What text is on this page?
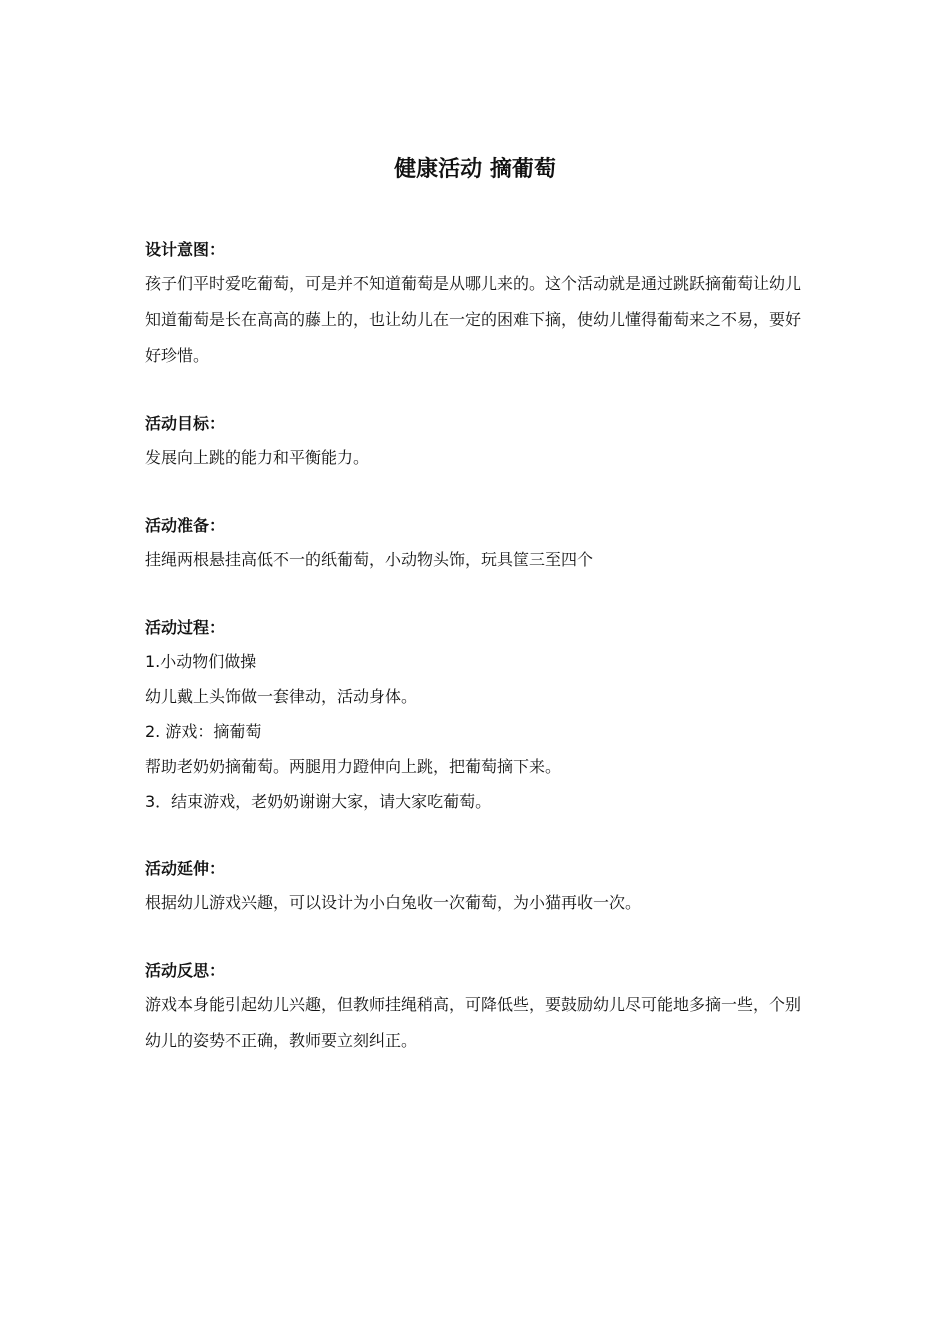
健康活动 摘葡萄

设计意图：

孩子们平时爱吃葡萄，可是并不知道葡萄是从哪儿来的。这个活动就是通过跳跃摘葡萄让幼儿知道葡萄是长在高高的藤上的，也让幼儿在一定的困难下摘，使幼儿懂得葡萄来之不易，要好好珍惜。

活动目标：

发展向上跳的能力和平衡能力。

活动准备：

挂绳两根悬挂高低不一的纸葡萄，小动物头饰，玩具筐三至四个

活动过程：

1.小动物们做操

幼儿戴上头饰做一套律动，活动身体。

2. 游戏：摘葡萄

帮助老奶奶摘葡萄。两腿用力蹬伸向上跳，把葡萄摘下来。

3．结束游戏，老奶奶谢谢大家，请大家吃葡萄。

活动延伸：

根据幼儿游戏兴趣，可以设计为小白兔收一次葡萄，为小猫再收一次。

活动反思：

游戏本身能引起幼儿兴趣，但教师挂绳稍高，可降低些，要鼓励幼儿尽可能地多摘一些，个别幼儿的姿势不正确，教师要立刻纠正。
